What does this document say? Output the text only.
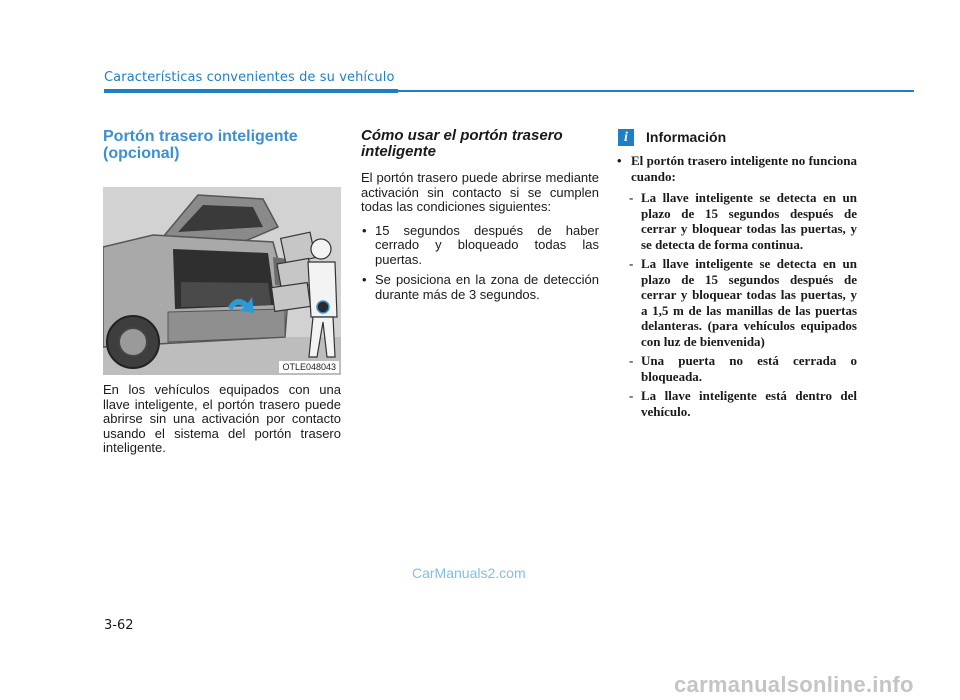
Características convenientes de su vehículo
Portón trasero inteligente (opcional)
OTLE048043

En los vehículos equipados con una llave inteligente, el portón trasero puede abrirse sin una activación por contacto usando el sistema del portón trasero inteligente.

Cómo usar el portón trasero inteligente

El portón trasero puede abrirse mediante activación sin contacto si se cumplen todas las condiciones siguientes:

• 15 segundos después de haber cerrado y bloqueado todas las puertas.
• Se posiciona en la zona de detección durante más de 3 segundos.
i	Información
• El portón trasero inteligente no funciona cuando:
- La llave inteligente se detecta en un plazo de 15 segundos después de cerrar y bloquear todas las puertas, y se detecta de forma continua.
- La llave inteligente se detecta en un plazo de 15 segundos después de cerrar y bloquear todas las puertas, y a 1,5 m de las manillas de las puertas delanteras. (para vehículos equipados con luz de bienvenida)
- Una puerta no está cerrada o bloqueada.
- La llave inteligente está dentro del vehículo.
CarManuals2.com
3-62
carmanualsonline.info
